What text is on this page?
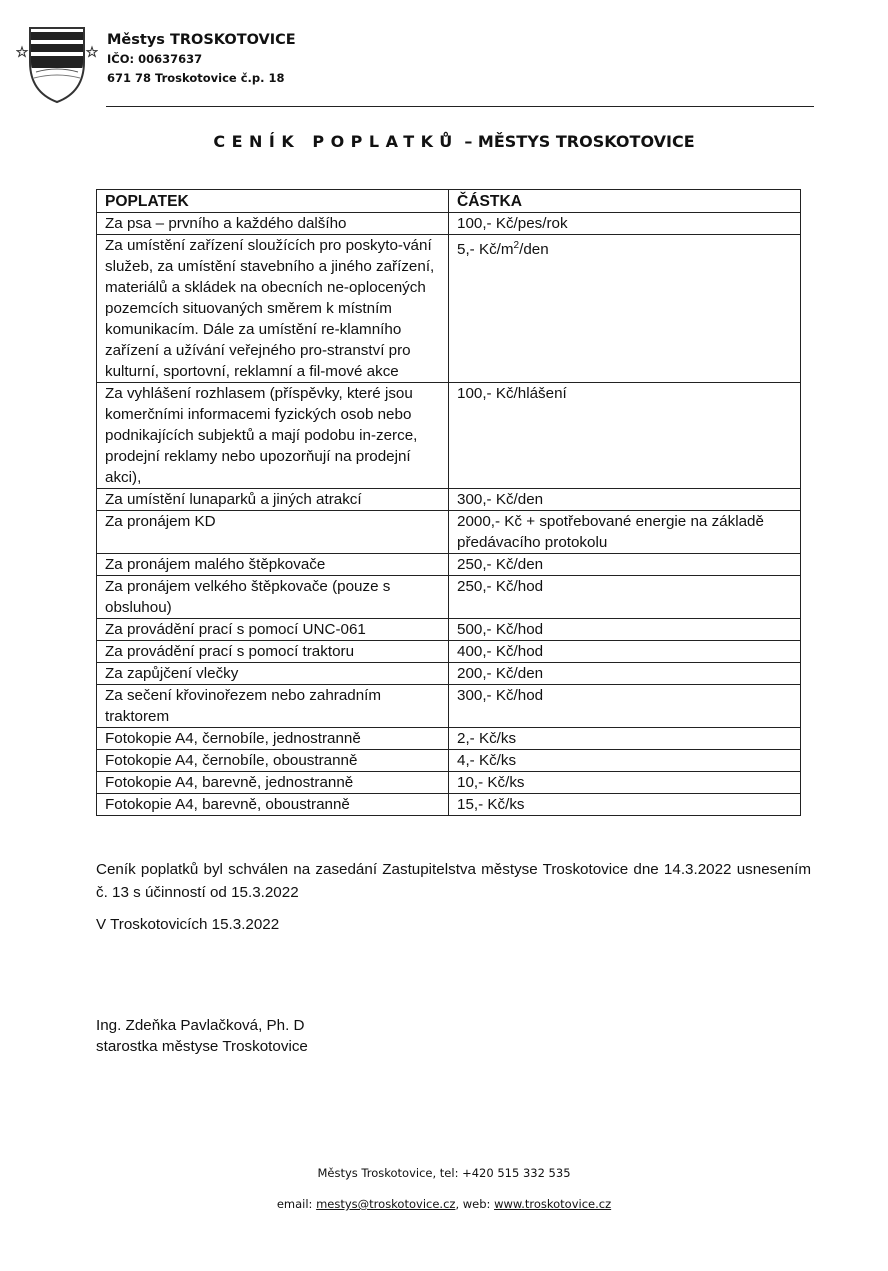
Městys TROSKOTOVICE
IČO: 00637637
671 78 Troskotovice č.p. 18
CENÍK POPLATKŮ – MĚSTYS TROSKOTOVICE
POPLATEK	ČÁSTKA
Za psa – prvního a každého dalšího	100,- Kč/pes/rok
Za umístění zařízení sloužících pro poskyto-vání služeb, za umístění stavebního a jiného zařízení, materiálů a skládek na obecních ne-oplocených pozemcích situovaných směrem k místním komunikacím. Dále za umístění re-klamního zařízení a užívání veřejného pro-stranství pro kulturní, sportovní, reklamní a fil-mové akce	5,- $Kč/m^2$/den
Za vyhlášení rozhlasem (příspěvky, které jsou komerčními informacemi fyzických osob nebo podnikajících subjektů a mají podobu in-zerce, prodejní reklamy nebo upozorňují na prodejní akci),	100,- Kč/hlášení
Za umístění lunaparků a jiných atrakcí	300,- Kč/den
Za pronájem KD	2000,- Kč + spotřebované energie na základě předávacího protokolu
Za pronájem malého štěpkovače	250,- Kč/den
Za pronájem velkého štěpkovače (pouze s obsluhou)	250,- Kč/hod
Za provádění prací s pomocí UNC-061	500,- Kč/hod
Za provádění prací s pomocí traktoru	400,- Kč/hod
Za zapůjčení vlečky	200,- Kč/den
Za sečení křovinořezem nebo zahradním traktorem	300,- Kč/hod
Fotokopie A4, černobíle, jednostranně	2,- Kč/ks
Fotokopie A4, černobíle, oboustranně	4,- Kč/ks
Fotokopie A4, barevně, jednostranně	10,- Kč/ks
Fotokopie A4, barevně, oboustranně	15,- Kč/ks
Ceník poplatků byl schválen na zasedání Zastupitelstva městyse Troskotovice dne 14.3.2022 usnesením č. 13 s účinností od 15.3.2022
V Troskotovicích 15.3.2022
Ing. Zdeňka Pavlačková, Ph. D
starostka městyse Troskotovice
Městys Troskotovice, tel: +420 515 332 535
email: mestys@troskotovice.cz, web: www.troskotovice.cz
